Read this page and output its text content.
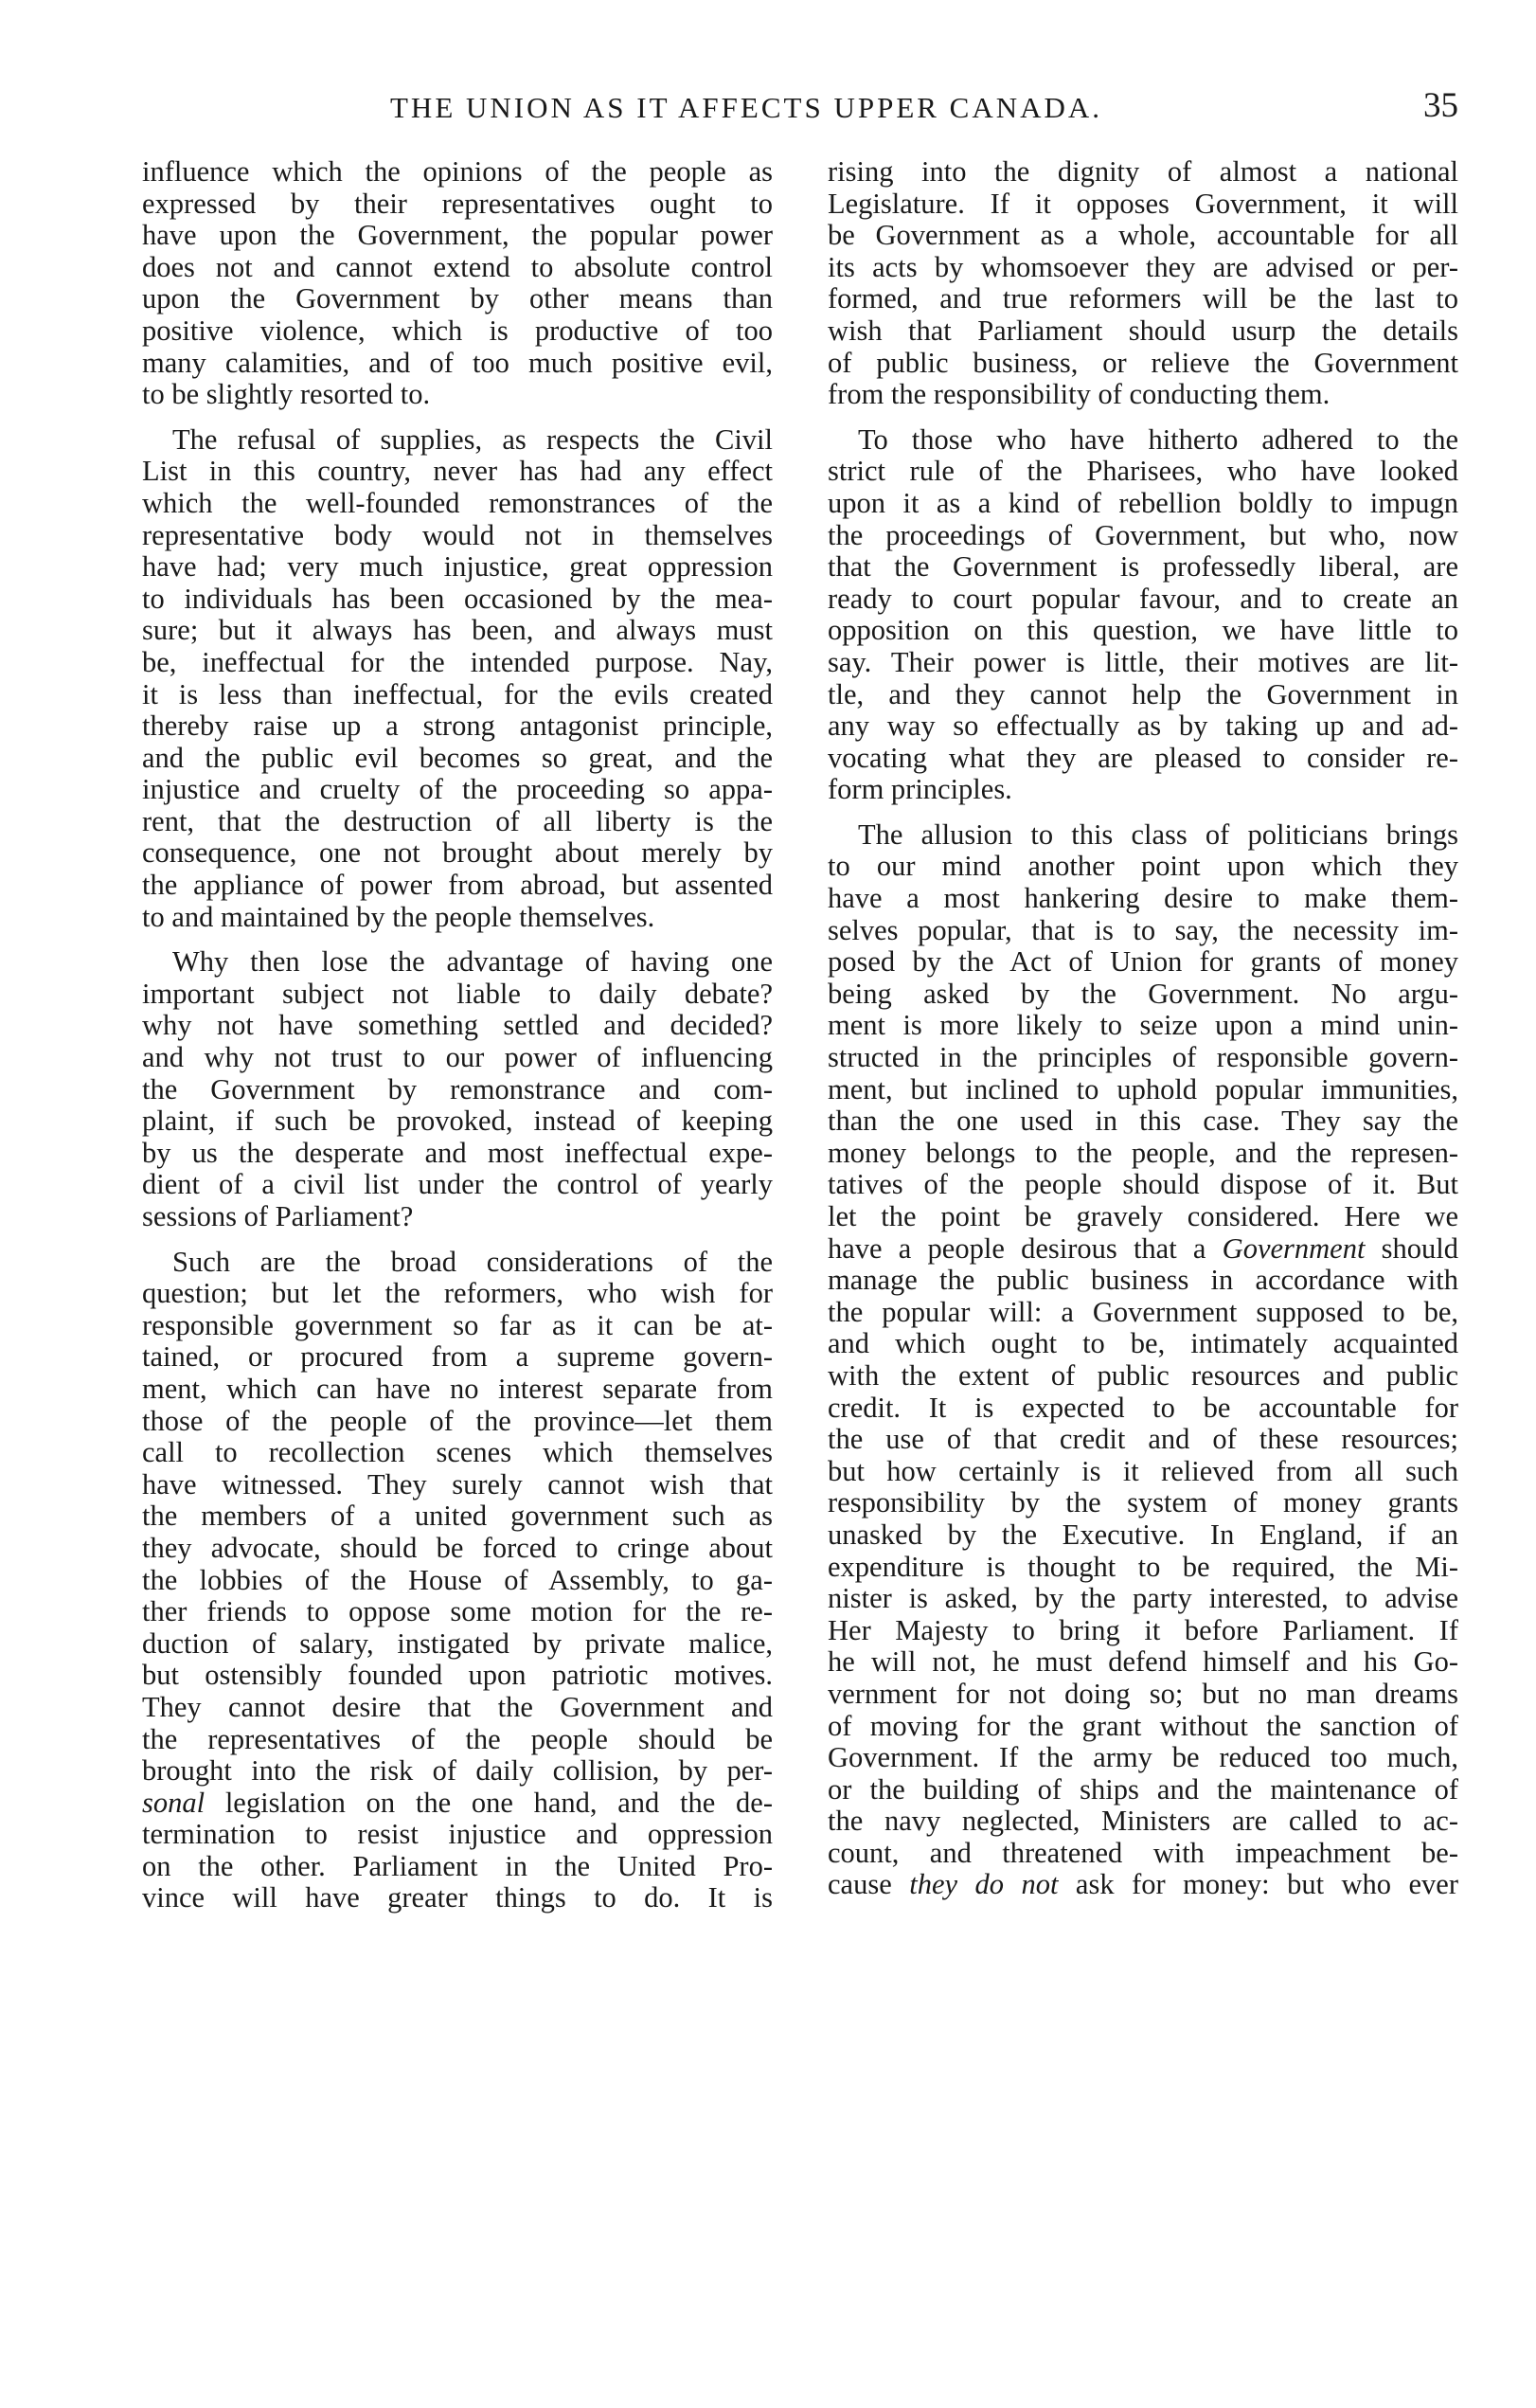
THE UNION AS IT AFFECTS UPPER CANADA.	35
influence which the opinions of the people as
expressed by their representatives ought to
have upon the Government, the popular power
does not and cannot extend to absolute control
upon the Government by other means than
positive violence, which is productive of too
many calamities, and of too much positive evil,
to be slightly resorted to.
The refusal of supplies, as respects the Civil
List in this country, never has had any effect
which the well-founded remonstrances of the
representative body would not in themselves
have had; very much injustice, great oppression
to individuals has been occasioned by the mea-
sure; but it always has been, and always must
be, ineffectual for the intended purpose. Nay,
it is less than ineffectual, for the evils created
thereby raise up a strong antagonist principle,
and the public evil becomes so great, and the
injustice and cruelty of the proceeding so appa-
rent, that the destruction of all liberty is the
consequence, one not brought about merely by
the appliance of power from abroad, but assented
to and maintained by the people themselves.
Why then lose the advantage of having one
important subject not liable to daily debate?
why not have something settled and decided?
and why not trust to our power of influencing
the Government by remonstrance and com-
plaint, if such be provoked, instead of keeping
by us the desperate and most ineffectual expe-
dient of a civil list under the control of yearly
sessions of Parliament?
Such are the broad considerations of the
question; but let the reformers, who wish for
responsible government so far as it can be at-
tained, or procured from a supreme govern-
ment, which can have no interest separate from
those of the people of the province—let them
call to recollection scenes which themselves
have witnessed. They surely cannot wish that
the members of a united government such as
they advocate, should be forced to cringe about
the lobbies of the House of Assembly, to ga-
ther friends to oppose some motion for the re-
duction of salary, instigated by private malice,
but ostensibly founded upon patriotic motives.
They cannot desire that the Government and
the representatives of the people should be
brought into the risk of daily collision, by per-
sonal legislation on the one hand, and the de-
termination to resist injustice and oppression
on the other. Parliament in the United Pro-
vince will have greater things to do. It is
rising into the dignity of almost a national
Legislature. If it opposes Government, it will
be Government as a whole, accountable for all
its acts by whomsoever they are advised or per-
formed, and true reformers will be the last to
wish that Parliament should usurp the details
of public business, or relieve the Government
from the responsibility of conducting them.
To those who have hitherto adhered to the
strict rule of the Pharisees, who have looked
upon it as a kind of rebellion boldly to impugn
the proceedings of Government, but who, now
that the Government is professedly liberal, are
ready to court popular favour, and to create an
opposition on this question, we have little to
say. Their power is little, their motives are lit-
tle, and they cannot help the Government in
any way so effectually as by taking up and ad-
vocating what they are pleased to consider re-
form principles.
The allusion to this class of politicians brings
to our mind another point upon which they
have a most hankering desire to make them-
selves popular, that is to say, the necessity im-
posed by the Act of Union for grants of money
being asked by the Government. No argu-
ment is more likely to seize upon a mind unin-
structed in the principles of responsible govern-
ment, but inclined to uphold popular immunities,
than the one used in this case. They say the
money belongs to the people, and the represen-
tatives of the people should dispose of it. But
let the point be gravely considered. Here we
have a people desirous that a Government should
manage the public business in accordance with
the popular will: a Government supposed to be,
and which ought to be, intimately acquainted
with the extent of public resources and public
credit. It is expected to be accountable for
the use of that credit and of these resources;
but how certainly is it relieved from all such
responsibility by the system of money grants
unasked by the Executive. In England, if an
expenditure is thought to be required, the Mi-
nister is asked, by the party interested, to advise
Her Majesty to bring it before Parliament. If
he will not, he must defend himself and his Go-
vernment for not doing so; but no man dreams
of moving for the grant without the sanction of
Government. If the army be reduced too much,
or the building of ships and the maintenance of
the navy neglected, Ministers are called to ac-
count, and threatened with impeachment be-
cause they do not ask for money: but who ever
